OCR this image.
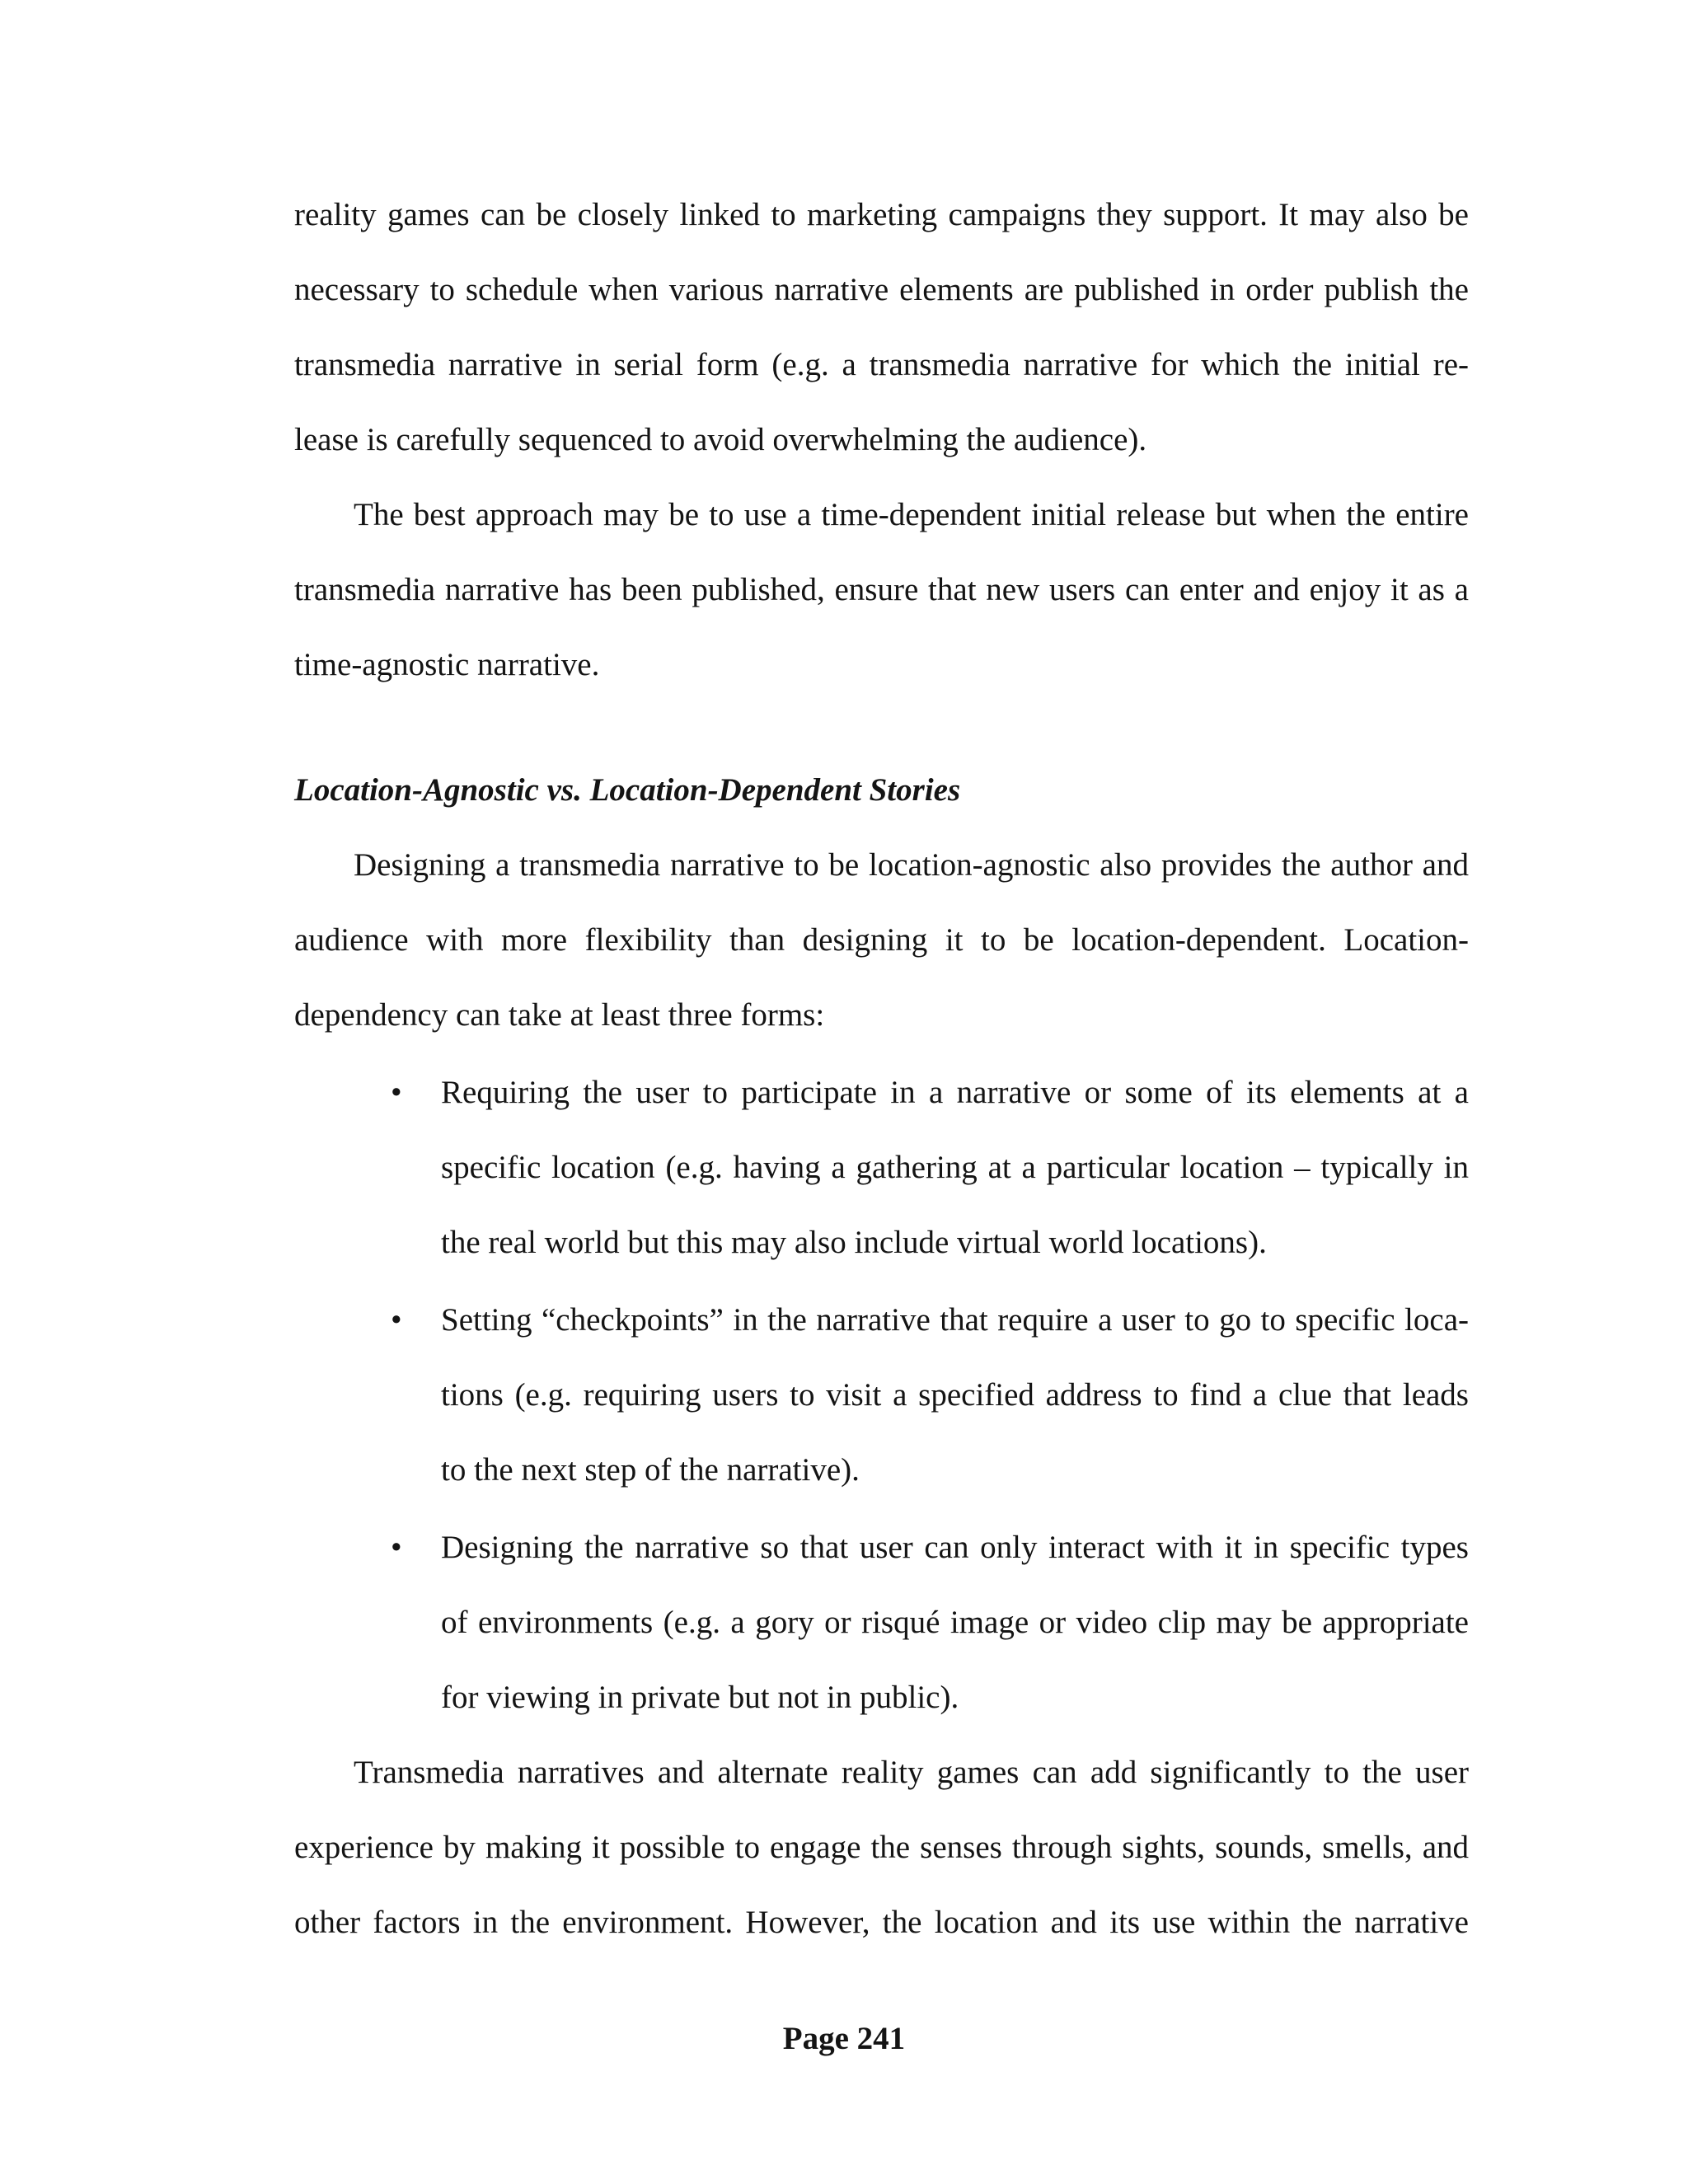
reality games can be closely linked to marketing campaigns they support. It may also be
necessary to schedule when various narrative elements are published in order publish the
transmedia narrative in serial form (e.g. a transmedia narrative for which the initial re-
lease is carefully sequenced to avoid overwhelming the audience).
The best approach may be to use a time-dependent initial release but when the entire
transmedia narrative has been published, ensure that new users can enter and enjoy it as a
time-agnostic narrative.
Location-Agnostic vs. Location-Dependent Stories
Designing a transmedia narrative to be location-agnostic also provides the author and
audience with more flexibility than designing it to be location-dependent. Location-
dependency can take at least three forms:
• Requiring the user to participate in a narrative or some of its elements at a
specific location (e.g. having a gathering at a particular location – typically in
the real world but this may also include virtual world locations).
• Setting “checkpoints” in the narrative that require a user to go to specific loca-
tions (e.g. requiring users to visit a specified address to find a clue that leads
to the next step of the narrative).
• Designing the narrative so that user can only interact with it in specific types
of environments (e.g. a gory or risqué image or video clip may be appropriate
for viewing in private but not in public).
Transmedia narratives and alternate reality games can add significantly to the user
experience by making it possible to engage the senses through sights, sounds, smells, and
other factors in the environment. However, the location and its use within the narrative
Page 241
